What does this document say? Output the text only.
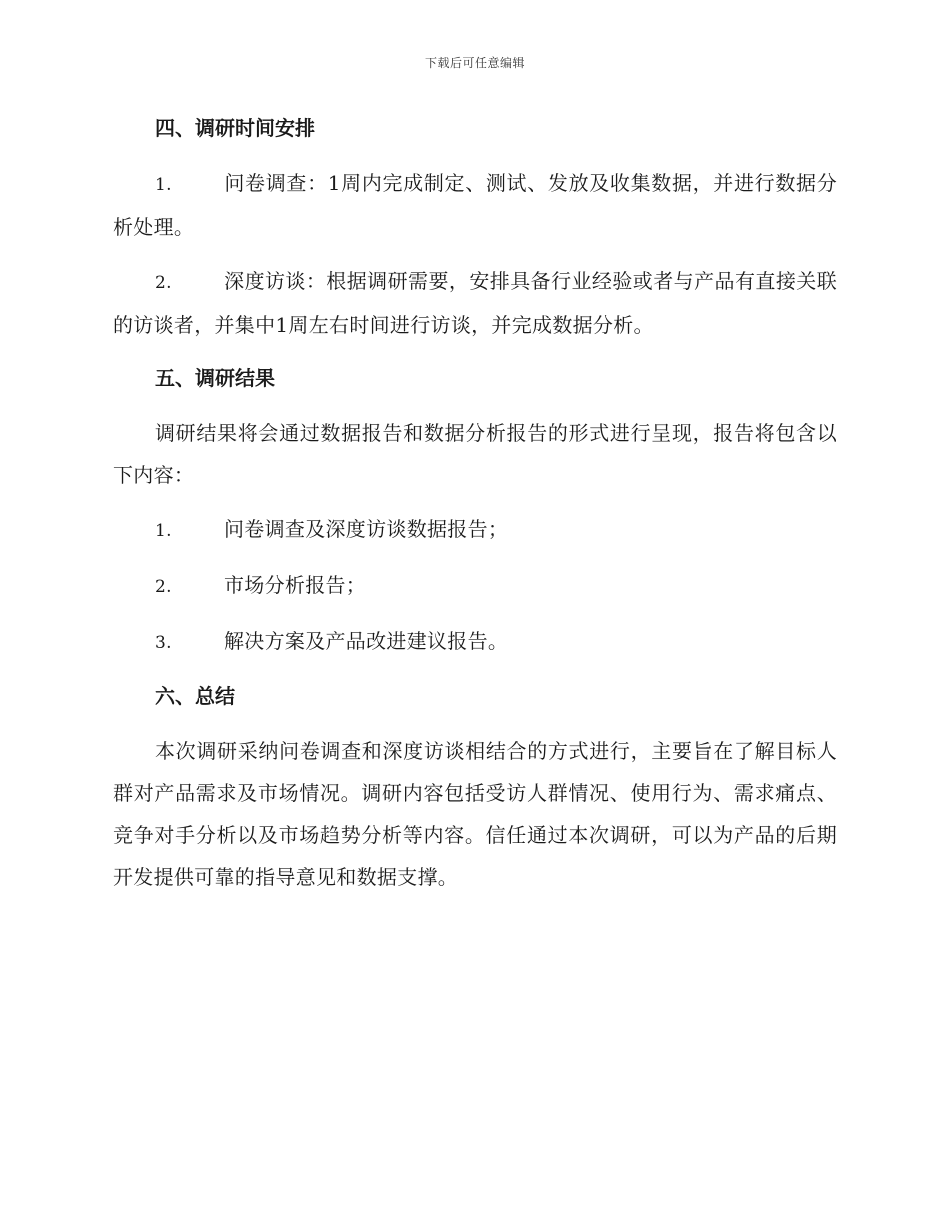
下载后可任意编辑
四、调研时间安排
1.	问卷调查：1周内完成制定、测试、发放及收集数据，并进行数据分析处理。
2.	深度访谈：根据调研需要，安排具备行业经验或者与产品有直接关联的访谈者，并集中1周左右时间进行访谈，并完成数据分析。
五、调研结果
调研结果将会通过数据报告和数据分析报告的形式进行呈现，报告将包含以下内容：
1.	问卷调查及深度访谈数据报告；
2.	市场分析报告；
3.	解决方案及产品改进建议报告。
六、总结
本次调研采纳问卷调查和深度访谈相结合的方式进行，主要旨在了解目标人群对产品需求及市场情况。调研内容包括受访人群情况、使用行为、需求痛点、竞争对手分析以及市场趋势分析等内容。信任通过本次调研，可以为产品的后期开发提供可靠的指导意见和数据支撑。
